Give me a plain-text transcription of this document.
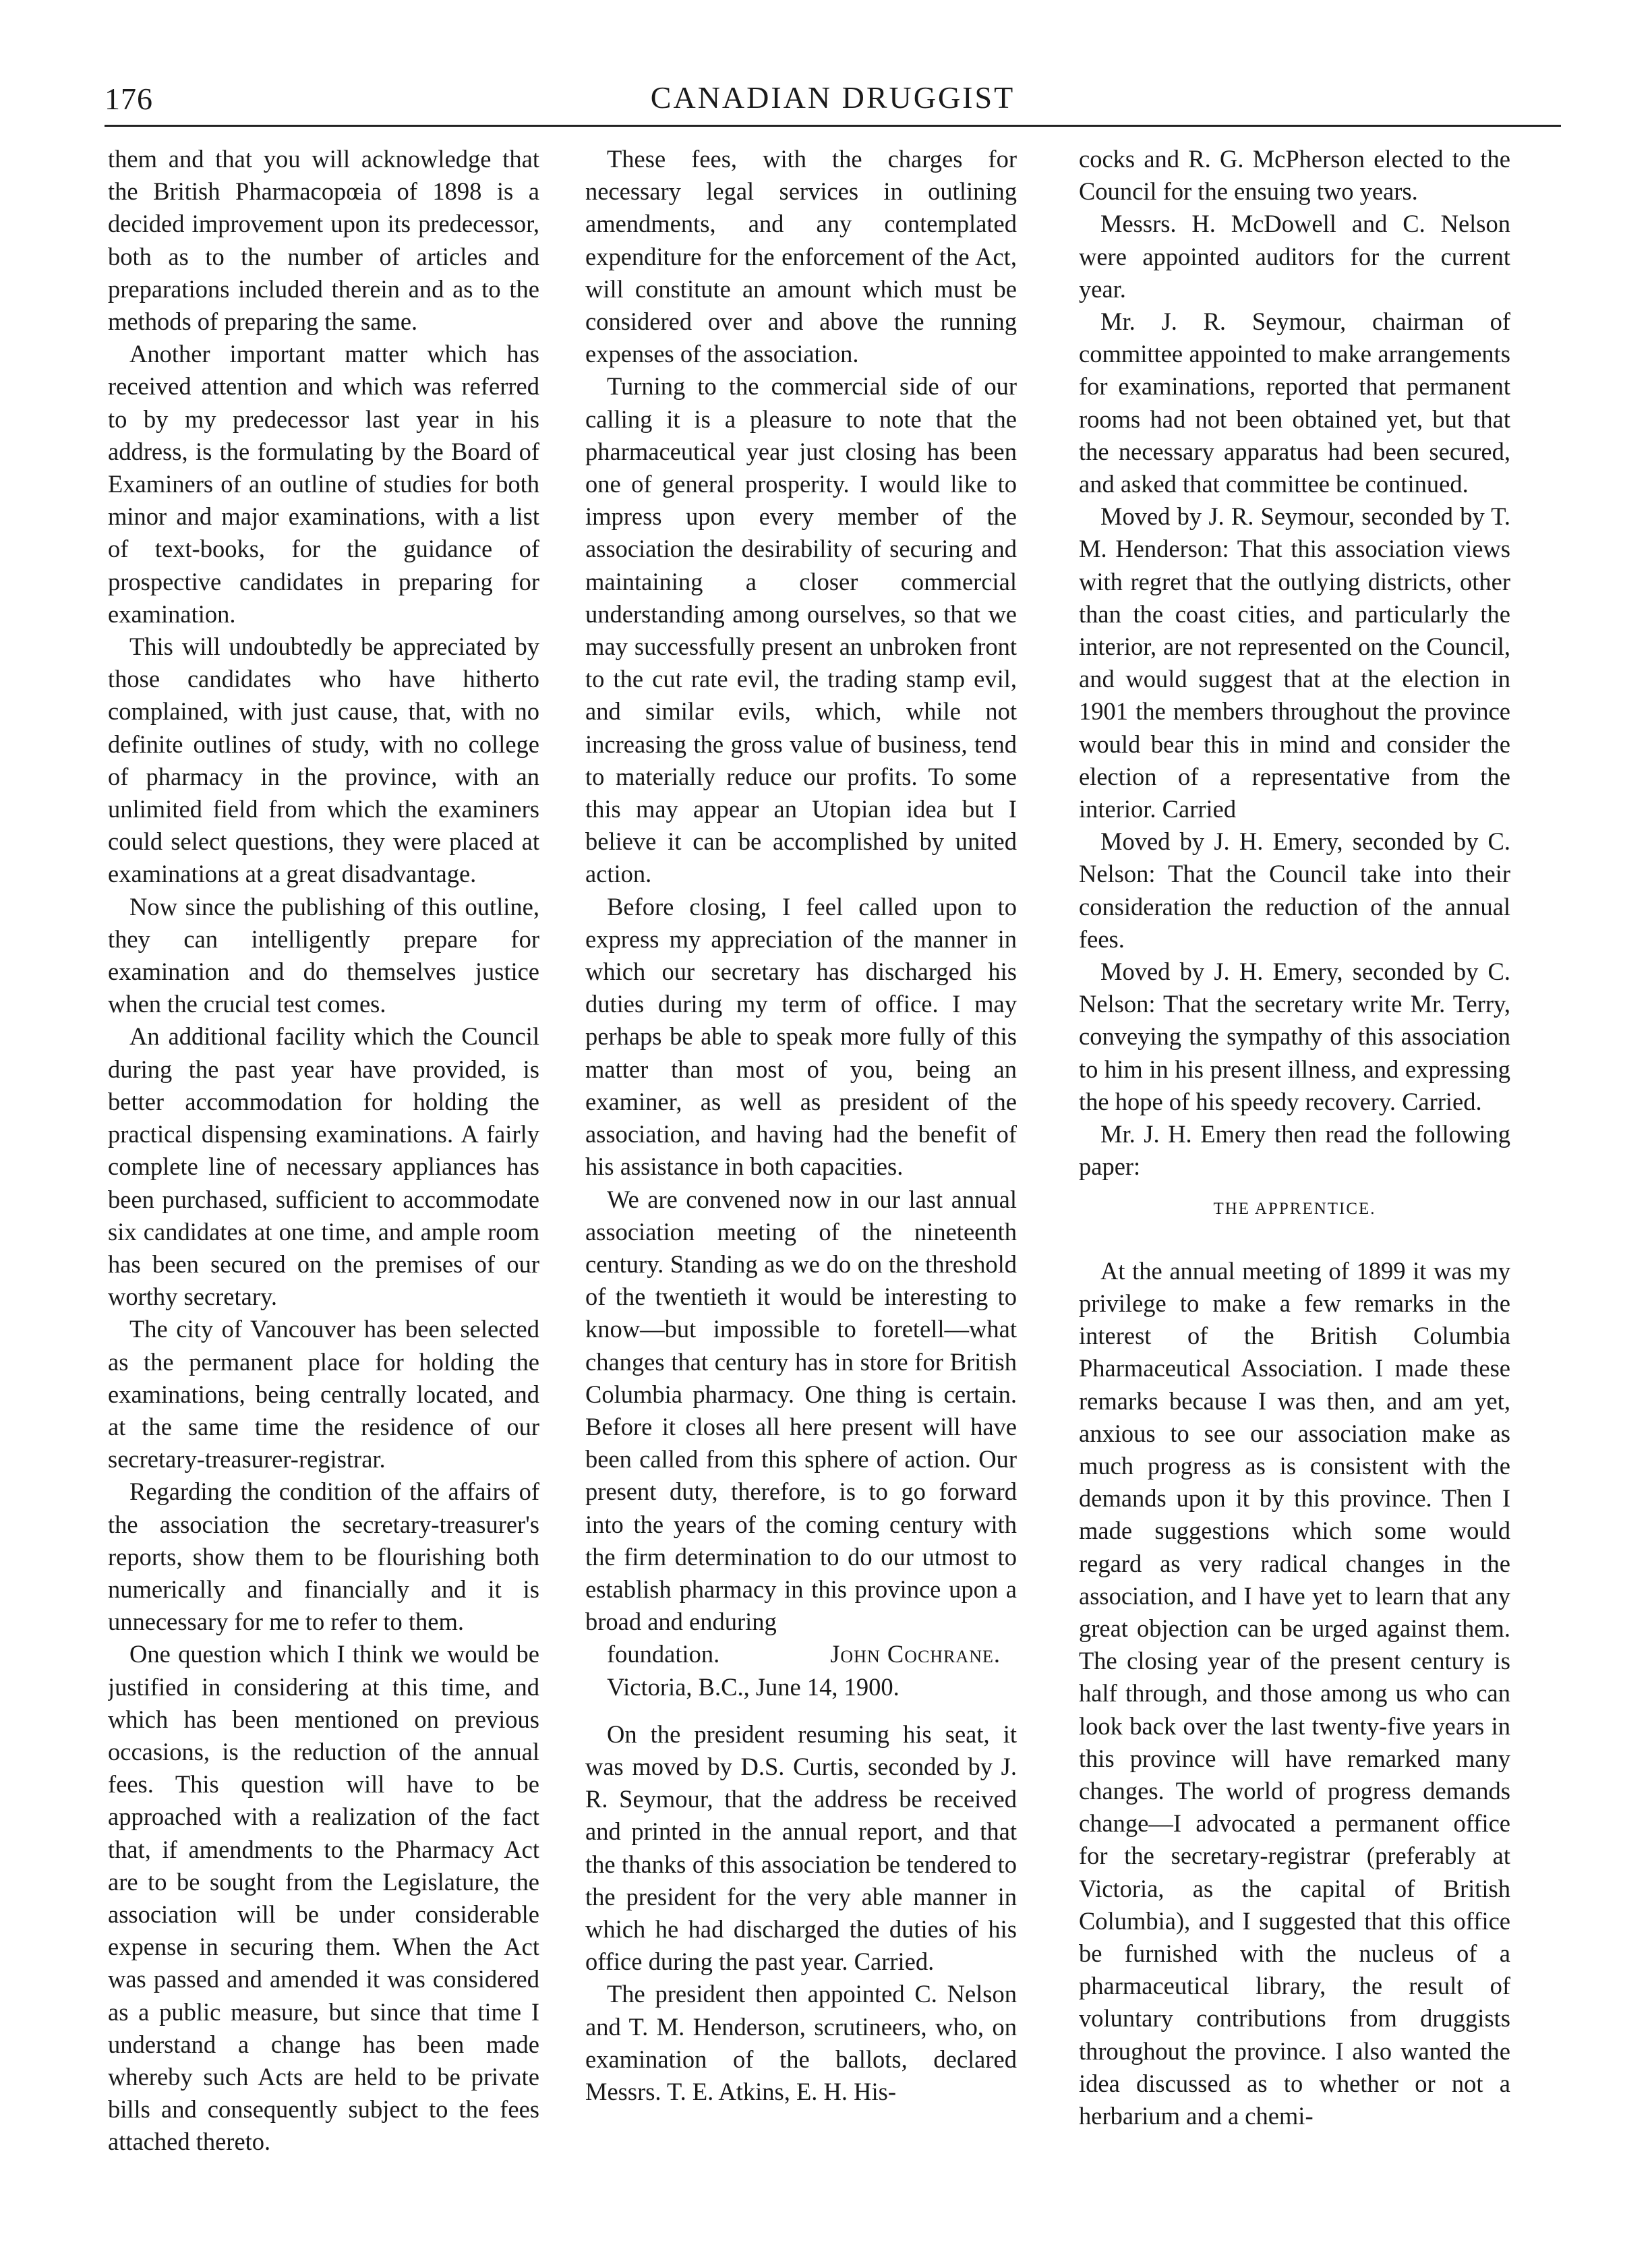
176	CANADIAN DRUGGIST

them and that you will acknowledge that the British Pharmacopœia of 1898 is a decided improvement upon its predecessor, both as to the number of articles and preparations included therein and as to the methods of preparing the same.

Another important matter which has received attention and which was referred to by my predecessor last year in his address, is the formulating by the Board of Examiners of an outline of studies for both minor and major examinations, with a list of text-books, for the guidance of prospective candidates in preparing for examination.

This will undoubtedly be appreciated by those candidates who have hitherto complained, with just cause, that, with no definite outlines of study, with no college of pharmacy in the province, with an unlimited field from which the examiners could select questions, they were placed at examinations at a great disadvantage.

Now since the publishing of this outline, they can intelligently prepare for examination and do themselves justice when the crucial test comes.

An additional facility which the Council during the past year have provided, is better accommodation for holding the practical dispensing examinations. A fairly complete line of necessary appliances has been purchased, sufficient to accommodate six candidates at one time, and ample room has been secured on the premises of our worthy secretary.

The city of Vancouver has been selected as the permanent place for holding the examinations, being centrally located, and at the same time the residence of our secretary-treasurer-registrar.

Regarding the condition of the affairs of the association the secretary-treasurer's reports, show them to be flourishing both numerically and financially and it is unnecessary for me to refer to them.

One question which I think we would be justified in considering at this time, and which has been mentioned on previous occasions, is the reduction of the annual fees. This question will have to be approached with a realization of the fact that, if amendments to the Pharmacy Act are to be sought from the Legislature, the association will be under considerable expense in securing them. When the Act was passed and amended it was considered as a public measure, but since that time I understand a change has been made whereby such Acts are held to be private bills and consequently subject to the fees attached thereto.

These fees, with the charges for necessary legal services in outlining amendments, and any contemplated expenditure for the enforcement of the Act, will constitute an amount which must be considered over and above the running expenses of the association.

Turning to the commercial side of our calling it is a pleasure to note that the pharmaceutical year just closing has been one of general prosperity. I would like to impress upon every member of the association the desirability of securing and maintaining a closer commercial understanding among ourselves, so that we may successfully present an unbroken front to the cut rate evil, the trading stamp evil, and similar evils, which, while not increasing the gross value of business, tend to materially reduce our profits. To some this may appear an Utopian idea but I believe it can be accomplished by united action.

Before closing, I feel called upon to express my appreciation of the manner in which our secretary has discharged his duties during my term of office. I may perhaps be able to speak more fully of this matter than most of you, being an examiner, as well as president of the association, and having had the benefit of his assistance in both capacities.

We are convened now in our last annual association meeting of the nineteenth century. Standing as we do on the threshold of the twentieth it would be interesting to know—but impossible to foretell—what changes that century has in store for British Columbia pharmacy. One thing is certain. Before it closes all here present will have been called from this sphere of action. Our present duty, therefore, is to go forward into the years of the coming century with the firm determination to do our utmost to establish pharmacy in this province upon a broad and enduring

foundation.	John Cochrane.

Victoria, B.C., June 14, 1900.

On the president resuming his seat, it was moved by D.S. Curtis, seconded by J. R. Seymour, that the address be received and printed in the annual report, and that the thanks of this association be tendered to the president for the very able manner in which he had discharged the duties of his office during the past year. Carried.

The president then appointed C. Nelson and T. M. Henderson, scrutineers, who, on examination of the ballots, declared Messrs. T. E. Atkins, E. H. His-

cocks and R. G. McPherson elected to the Council for the ensuing two years.

Messrs. H. McDowell and C. Nelson were appointed auditors for the current year.

Mr. J. R. Seymour, chairman of committee appointed to make arrangements for examinations, reported that permanent rooms had not been obtained yet, but that the necessary apparatus had been secured, and asked that committee be continued.

Moved by J. R. Seymour, seconded by T. M. Henderson: That this association views with regret that the outlying districts, other than the coast cities, and particularly the interior, are not represented on the Council, and would suggest that at the election in 1901 the members throughout the province would bear this in mind and consider the election of a representative from the interior. Carried

Moved by J. H. Emery, seconded by C. Nelson: That the Council take into their consideration the reduction of the annual fees.

Moved by J. H. Emery, seconded by C. Nelson: That the secretary write Mr. Terry, conveying the sympathy of this association to him in his present illness, and expressing the hope of his speedy recovery. Carried.

Mr. J. H. Emery then read the following paper:

THE APPRENTICE.

At the annual meeting of 1899 it was my privilege to make a few remarks in the interest of the British Columbia Pharmaceutical Association. I made these remarks because I was then, and am yet, anxious to see our association make as much progress as is consistent with the demands upon it by this province. Then I made suggestions which some would regard as very radical changes in the association, and I have yet to learn that any great objection can be urged against them. The closing year of the present century is half through, and those among us who can look back over the last twenty-five years in this province will have remarked many changes. The world of progress demands change—I advocated a permanent office for the secretary-registrar (preferably at Victoria, as the capital of British Columbia), and I suggested that this office be furnished with the nucleus of a pharmaceutical library, the result of voluntary contributions from druggists throughout the province. I also wanted the idea discussed as to whether or not a herbarium and a chemi-
